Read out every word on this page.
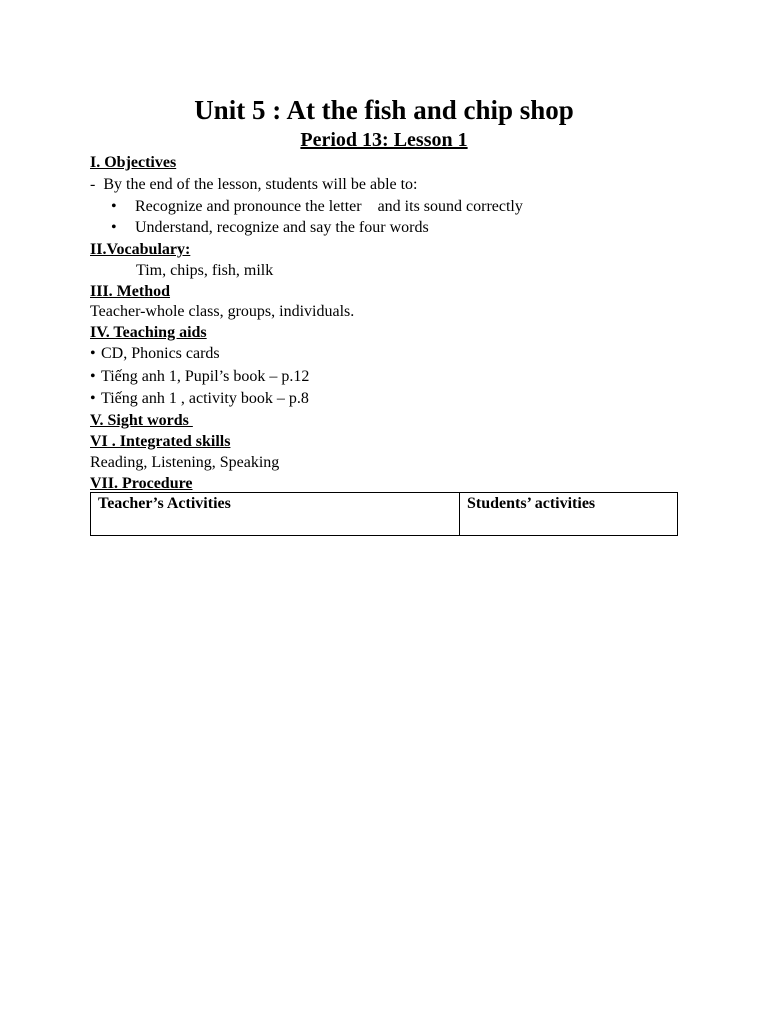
Unit 5 : At the fish and chip shop
Period 13: Lesson 1
I. Objectives
-  By the end of the lesson, students will be able to:
• Recognize and pronounce the letter    and its sound correctly
• Understand, recognize and say the four words
II.Vocabulary:
Tim, chips, fish, milk
III. Method
Teacher-whole class, groups, individuals.
IV. Teaching aids
• CD, Phonics cards
• Tiếng anh 1, Pupil’s book – p.12
• Tiếng anh 1 , activity book – p.8
V. Sight words
VI . Integrated skills
Reading, Listening, Speaking
VII. Procedure
Teacher’s Activities	Students’ activities
